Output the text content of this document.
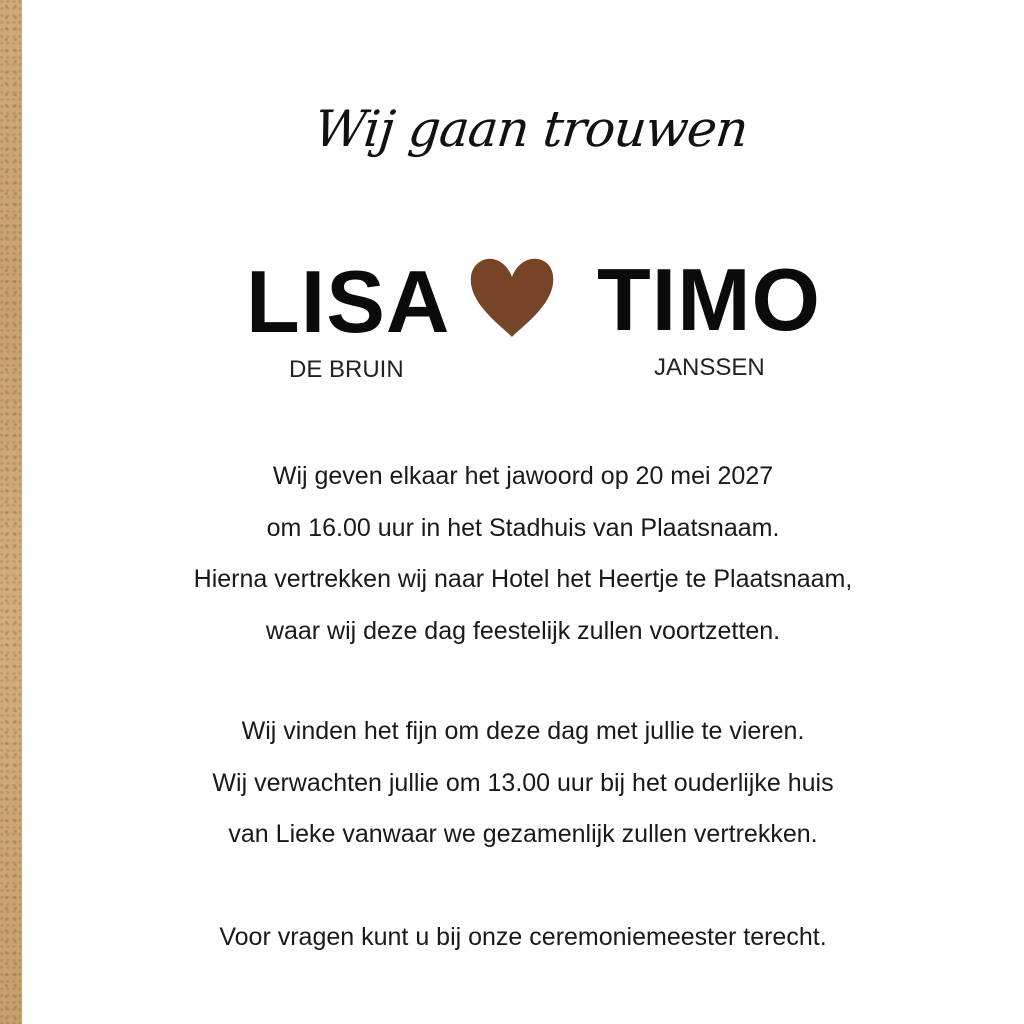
Wij gaan trouwen
LISA
DE BRUIN
TIMO
JANSSEN
Wij geven elkaar het jawoord op 20 mei 2027
om 16.00 uur in het Stadhuis van Plaatsnaam.
Hierna vertrekken wij naar Hotel het Heertje te Plaatsnaam,
waar wij deze dag feestelijk zullen voortzetten.
Wij vinden het fijn om deze dag met jullie te vieren.
Wij verwachten jullie om 13.00 uur bij het ouderlijke huis
van Lieke vanwaar we gezamenlijk zullen vertrekken.
Voor vragen kunt u bij onze ceremoniemeester terecht.
